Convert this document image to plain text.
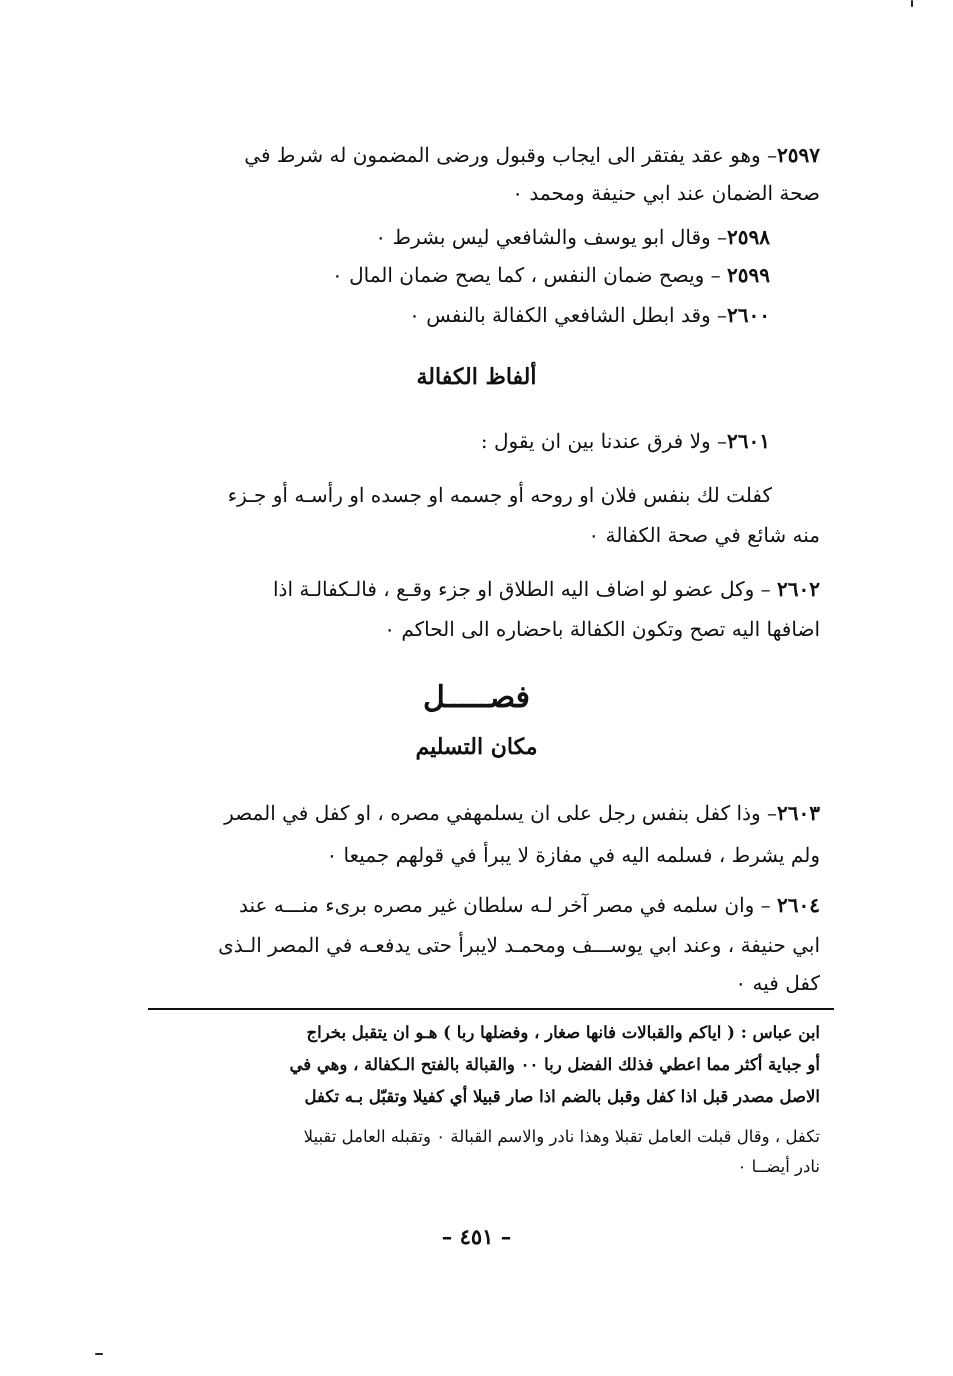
٢٥٩٧– وهو عقد يفتقر الى ايجاب وقبول ورضى المضمون له شرط في
صحة الضمان عند ابي حنيفة ومحمد ٠
٢٥٩٨– وقال ابو يوسف والشافعي ليس بشرط ٠
٢٥٩٩ – ويصح ضمان النفس ، كما يصح ضمان المال ٠
٢٦٠٠– وقد ابطل الشافعي الكفالة بالنفس ٠
ألفاظ الكفالة
٢٦٠١– ولا فرق عندنا بين ان يقول :
كفلت لك بنفس فلان او روحه أو جسمه او جسده او رأسـه أو جـزء
منه شائع في صحة الكفالة ٠
٢٦٠٢ – وكل عضو لو اضاف اليه الطلاق او جزء وقـع ، فالـكفالـة اذا
اضافها اليه تصح وتكون الكفالة باحضاره الى الحاكم ٠
فصـــــل
مكان التسليم
٢٦٠٣– وذا كفل بنفس رجل على ان يسلمهفي مصره ، او كفل في المصر
ولم يشرط ، فسلمه اليه في مفازة لا يبرأ في قولهم جميعا ٠
٢٦٠٤ – وان سلمه في مصر آخر لـه سلطان غير مصره برىء منـــه عند
ابي حنيفة ، وعند ابي يوســـف ومحمـد لايبرأ حتى يدفعـه في المصر الـذى
كفل فيه ٠
ابن عباس : ( اياكم والقبالات فانها صغار ، وفضلها ربا ) هـو ان يتقبل بخراج
أو جباية أكثر مما اعطي فذلك الفضل ربا ٠٠ والقبالة بالفتح الـكفالة ، وهي في
الاصل مصدر قبل اذا كفل وقبل بالضم اذا صار قبيلا أي كفيلا وتقبّل بـه تكفل
تكفل ، وقال قبلت العامل تقبلا وهذا نادر والاسم القبالة ٠ وتقبله العامل تقبيلا
نادر أيضــا ٠
– ٤٥١ –
